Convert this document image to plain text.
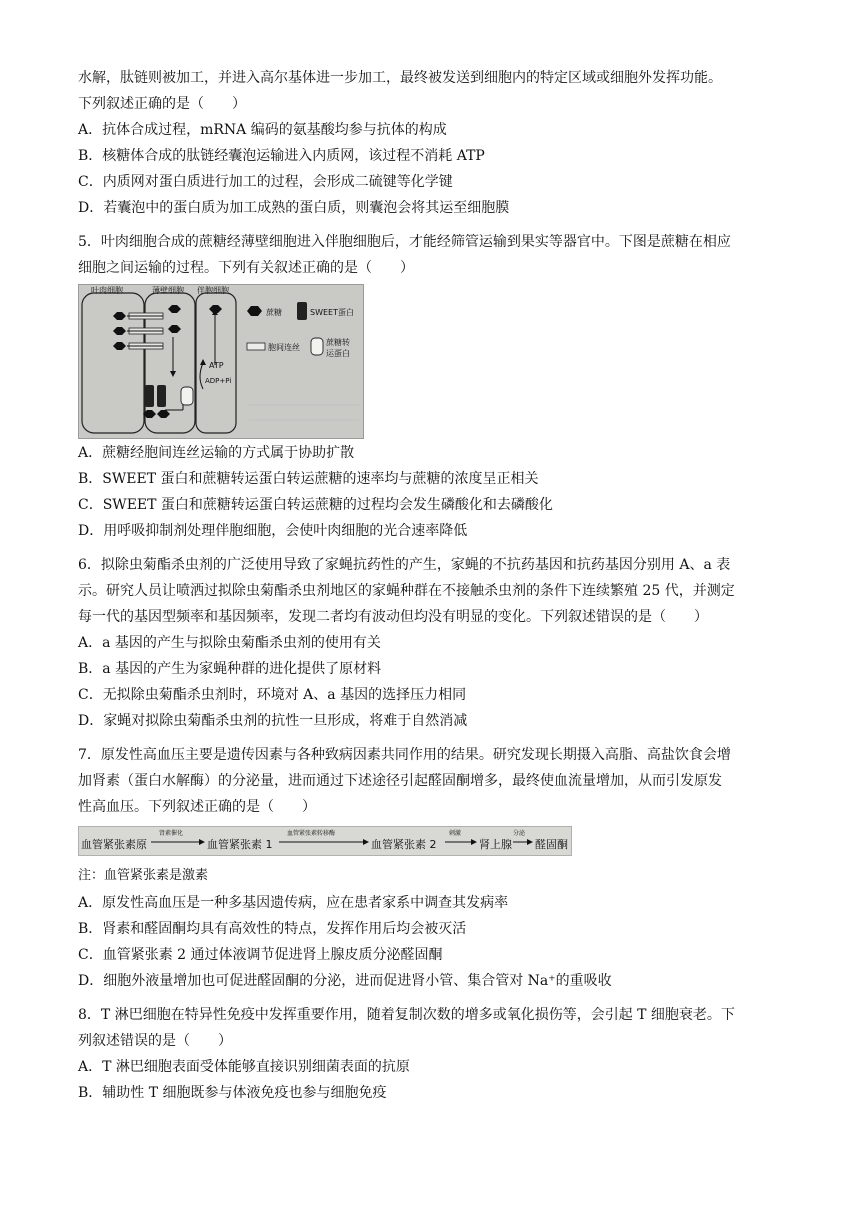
水解，肽链则被加工，并进入高尔基体进一步加工，最终被发送到细胞内的特定区域或细胞外发挥功能。
下列叙述正确的是（　　）
A．抗体合成过程，mRNA 编码的氨基酸均参与抗体的构成
B．核糖体合成的肽链经囊泡运输进入内质网，该过程不消耗 ATP
C．内质网对蛋白质进行加工的过程，会形成二硫键等化学键
D．若囊泡中的蛋白质为加工成熟的蛋白质，则囊泡会将其运至细胞膜
5．叶肉细胞合成的蔗糖经薄壁细胞进入伴胞细胞后，才能经筛管运输到果实等器官中。下图是蔗糖在相应
细胞之间运输的过程。下列有关叙述正确的是（　　）
叶肉细胞	薄壁细胞 伴胞细胞
蔗糖	SWEET蛋白
胞间连丝
蔗糖转
运蛋白
ATP
ADP+Pi
A．蔗糖经胞间连丝运输的方式属于协助扩散
B．SWEET 蛋白和蔗糖转运蛋白转运蔗糖的速率均与蔗糖的浓度呈正相关
C．SWEET 蛋白和蔗糖转运蛋白转运蔗糖的过程均会发生磷酸化和去磷酸化
D．用呼吸抑制剂处理伴胞细胞，会使叶肉细胞的光合速率降低
6．拟除虫菊酯杀虫剂的广泛使用导致了家蝇抗药性的产生，家蝇的不抗药基因和抗药基因分别用 A、a 表
示。研究人员让喷洒过拟除虫菊酯杀虫剂地区的家蝇种群在不接触杀虫剂的条件下连续繁殖 25 代，并测定
每一代的基因型频率和基因频率，发现二者均有波动但均没有明显的变化。下列叙述错误的是（　　）
A．a 基因的产生与拟除虫菊酯杀虫剂的使用有关
B．a 基因的产生为家蝇种群的进化提供了原材料
C．无拟除虫菊酯杀虫剂时，环境对 A、a 基因的选择压力相同
D．家蝇对拟除虫菊酯杀虫剂的抗性一旦形成，将难于自然消减
7．原发性高血压主要是遗传因素与各种致病因素共同作用的结果。研究发现长期摄入高脂、高盐饮食会增
加肾素（蛋白水解酶）的分泌量，进而通过下述途径引起醛固酮增多，最终使血流量增加，从而引发原发
性高血压。下列叙述正确的是（　　）
血管紧张素原
肾素催化
血管紧张素 1
血管紧张素转移酶
血管紧张素 2
刺激
肾上腺
分泌
醛固酮
注：血管紧张素是激素
A．原发性高血压是一种多基因遗传病，应在患者家系中调查其发病率
B．肾素和醛固酮均具有高效性的特点，发挥作用后均会被灭活
C．血管紧张素 2 通过体液调节促进肾上腺皮质分泌醛固酮
D．细胞外液量增加也可促进醛固酮的分泌，进而促进肾小管、集合管对 Na⁺的重吸收
8．T 淋巴细胞在特异性免疫中发挥重要作用，随着复制次数的增多或氧化损伤等，会引起 T 细胞衰老。下
列叙述错误的是（　　）
A．T 淋巴细胞表面受体能够直接识别细菌表面的抗原
B．辅助性 T 细胞既参与体液免疫也参与细胞免疫
